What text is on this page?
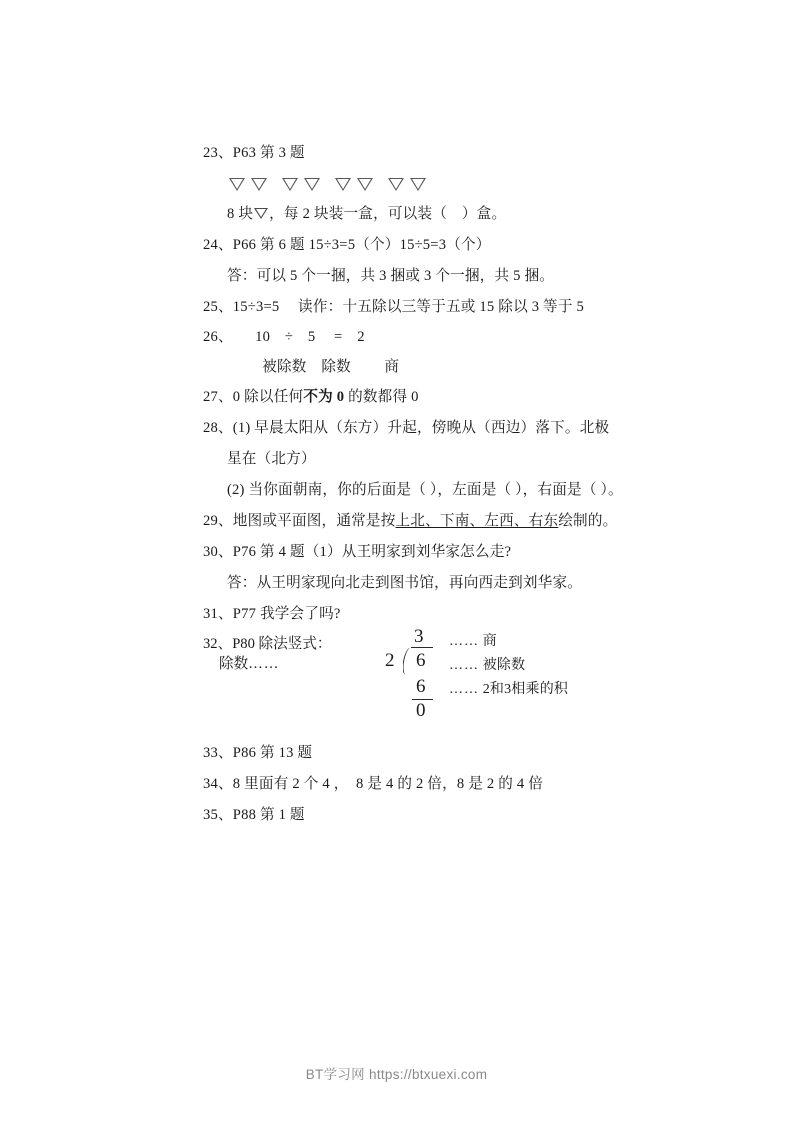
23、P63 第 3 题
8 块 ，每 2 块装一盒，可以装（　）盒。
24、P66 第 6 题 15÷3=5（个）15÷5=3（个）
答：可以 5 个一捆，共 3 捆或 3 个一捆，共 5 捆。
25、15÷3=5　 读作：十五除以三等于五或 15 除以 3 等于 5
26、　　10　÷　5　 =　2
　　　　被除数　除数　　 商
27、0 除以任何不为 0 的数都得 0
28、(1) 早晨太阳从（东方）升起，傍晚从（西边）落下。北极
星在（北方）
(2) 当你面朝南，你的后面是（ ），左面是（ ），右面是（ ）。
29、地图或平面图，通常是按上北、下南、左西、右东绘制的。
30、P76 第 4 题（1）从王明家到刘华家怎么走?
答：从王明家现向北走到图书馆，再向西走到刘华家。
31、P77 我学会了吗?
32、P80 除法竖式：	3
除数……	2 6
6
0
…… 商
…… 被除数
…… 2和3相乘的积
33、P86 第 13 题
34、8 里面有 2 个 4 ，　8 是 4 的 2 倍，8 是 2 的 4 倍
35、P88 第 1 题
BT学习网 https://btxuexi.com
